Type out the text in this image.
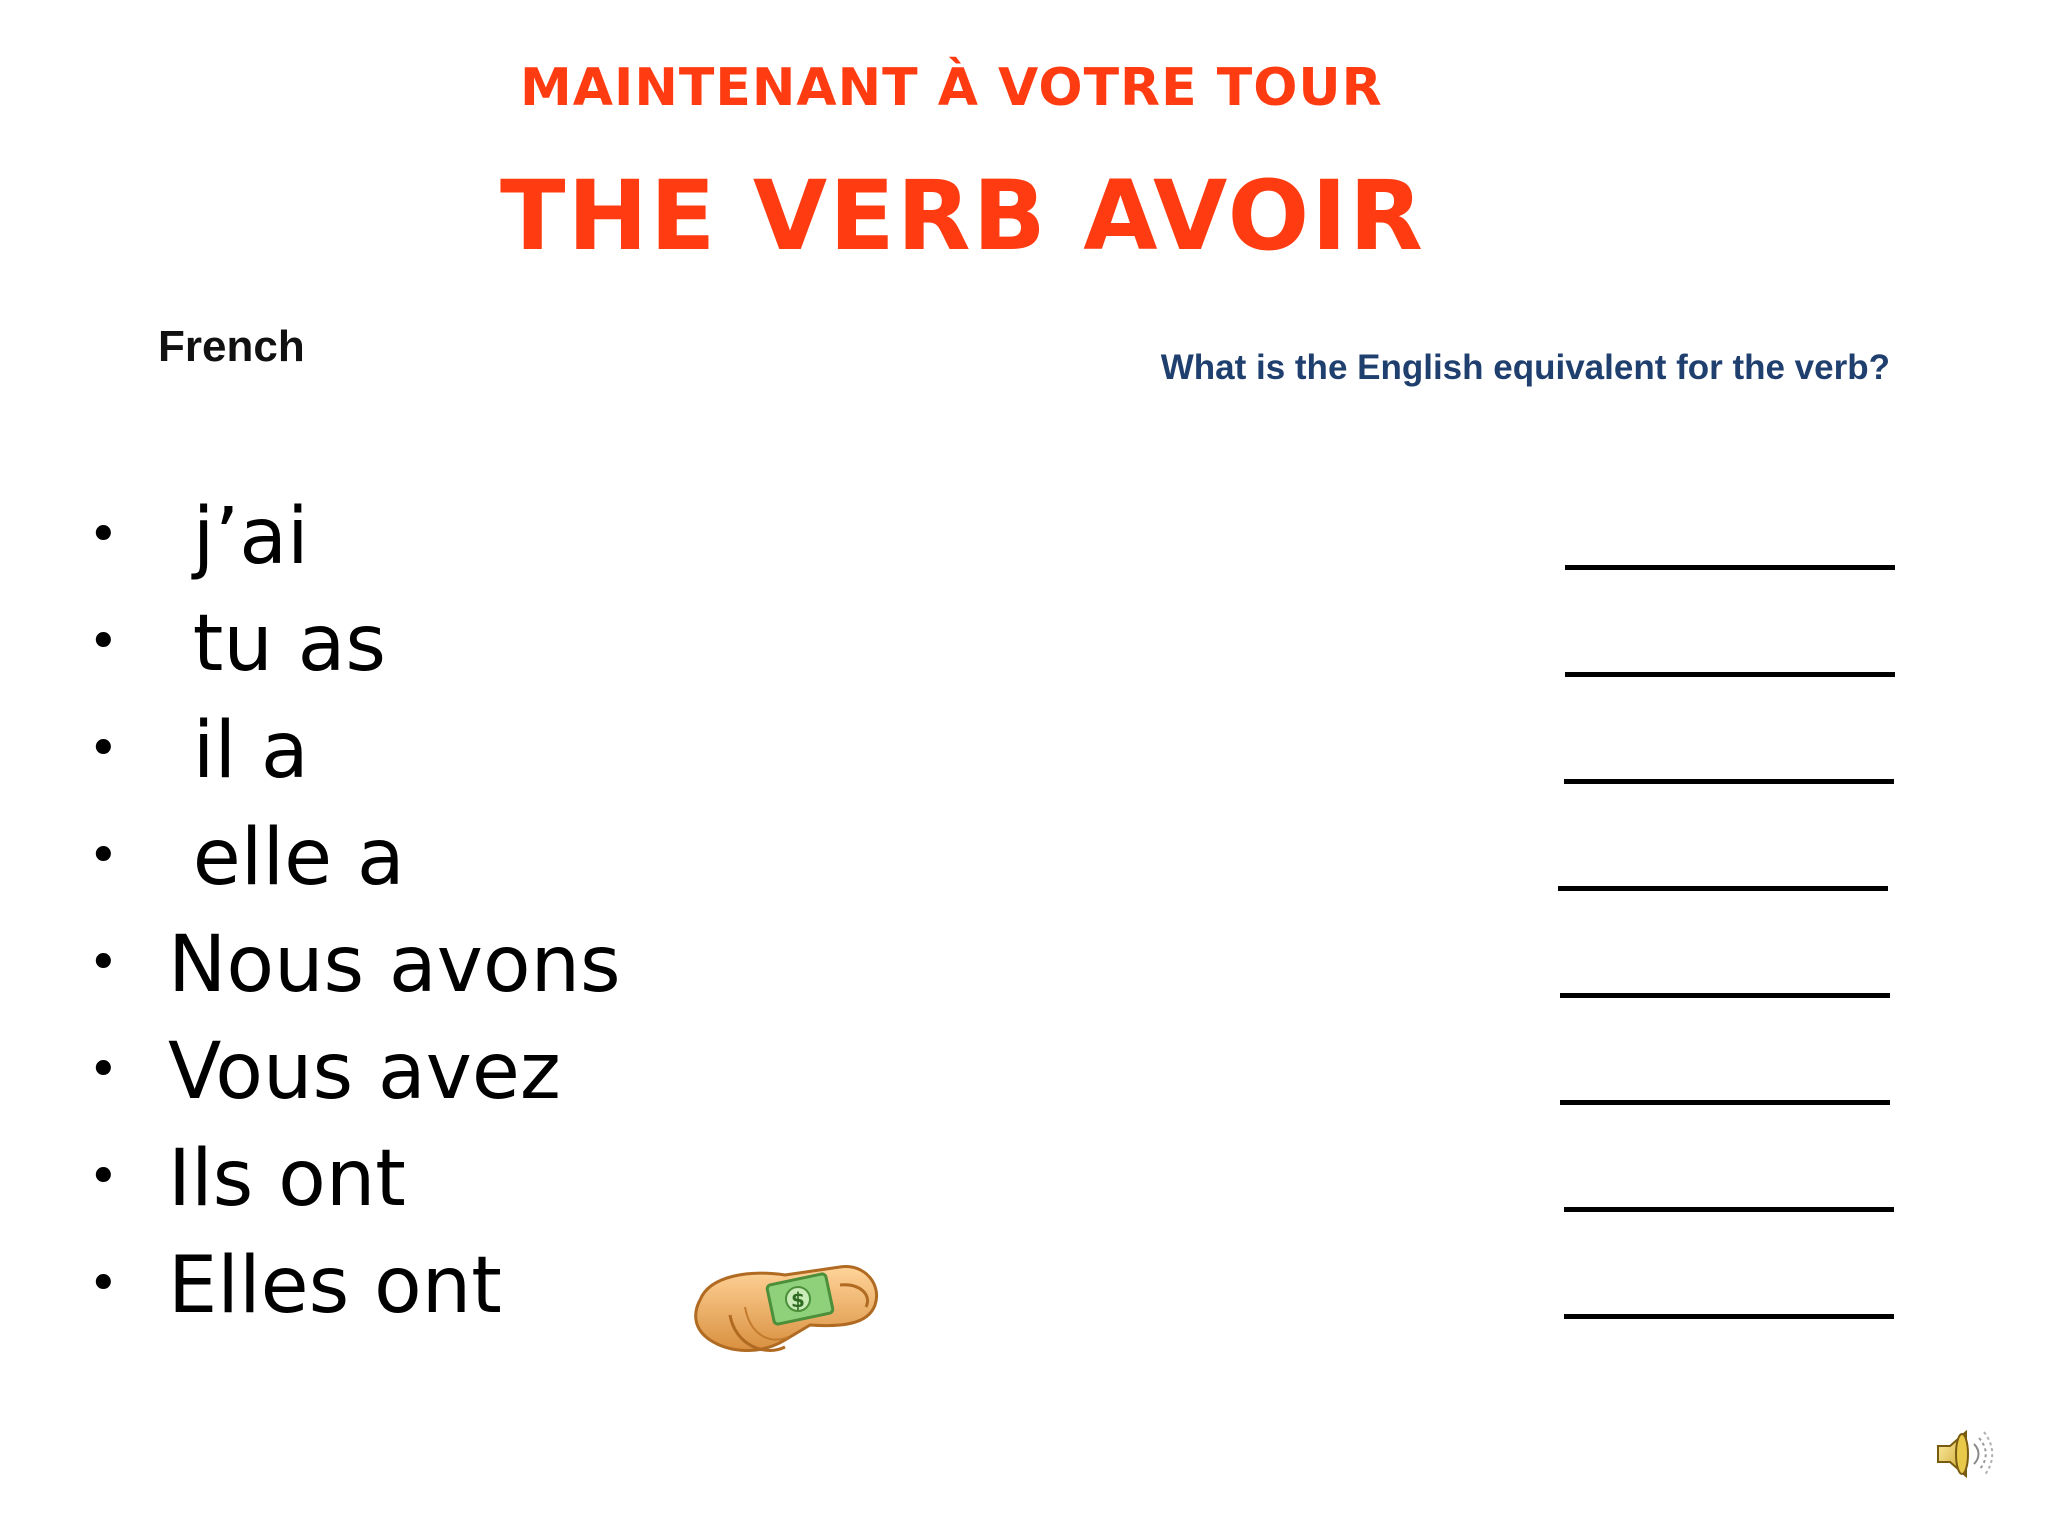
MAINTENANT À VOTRE TOUR
THE VERB AVOIR
French	What is the English equivalent for the verb?
• j’ai
• tu as
• il a
• elle a
• Nous avons
• Vous avez
• Ils ont
• Elles ont	$
